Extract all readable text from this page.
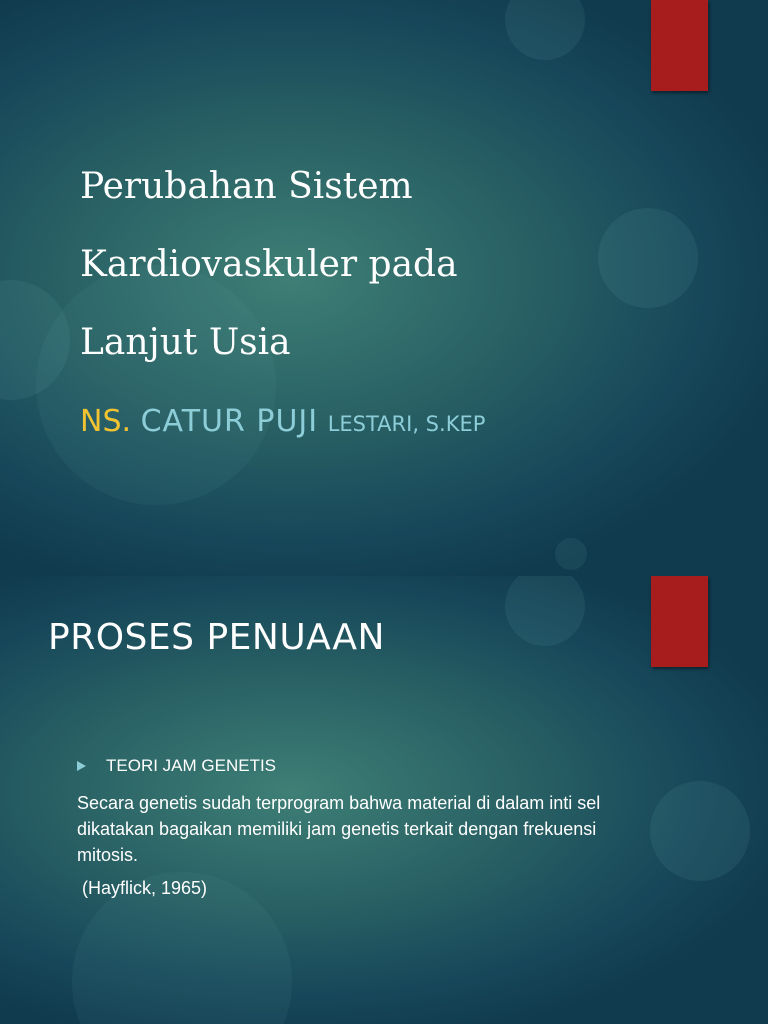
Perubahan Sistem
Kardiovaskuler pada
Lanjut Usia

NS. CATUR PUJI LESTARI, S.KEP

PROSES PENUAAN
TEORI JAM GENETIS

Secara genetis sudah terprogram bahwa material di dalam inti sel dikatakan bagaikan memiliki jam genetis terkait dengan frekuensi mitosis.

(Hayflick, 1965)
